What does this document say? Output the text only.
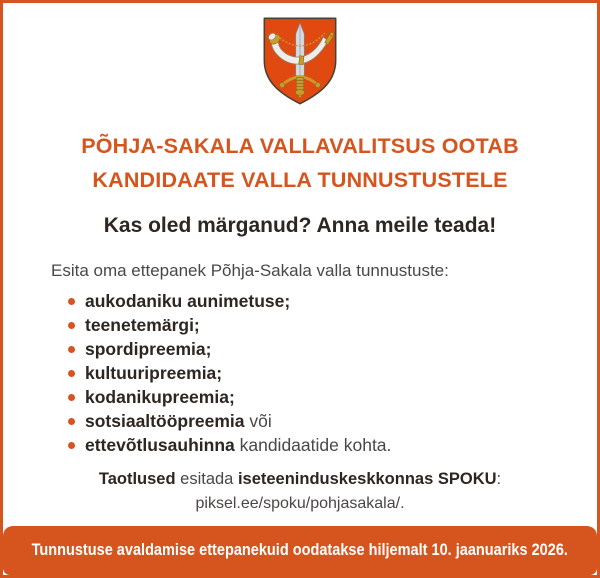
PÕHJA-SAKALA VALLAVALITSUS OOTAB
KANDIDAATE VALLA TUNNUSTUSTELE
Kas oled märganud? Anna meile teada!

Esita oma ettepanek Põhja-Sakala valla tunnustuste:

aukodaniku aunimetuse;
teenetemärgi;
spordipreemia;
kultuuripreemia;
kodanikupreemia;
sotsiaaltööpreemia või
ettevõtlusauhinna kandidaatide kohta.

Taotlused esitada iseteeninduskeskkonnas SPOKU:

piksel.ee/spoku/pohjasakala/.

Tunnustuse avaldamise ettepanekuid oodatakse hiljemalt 10. jaanuariks 2026.
